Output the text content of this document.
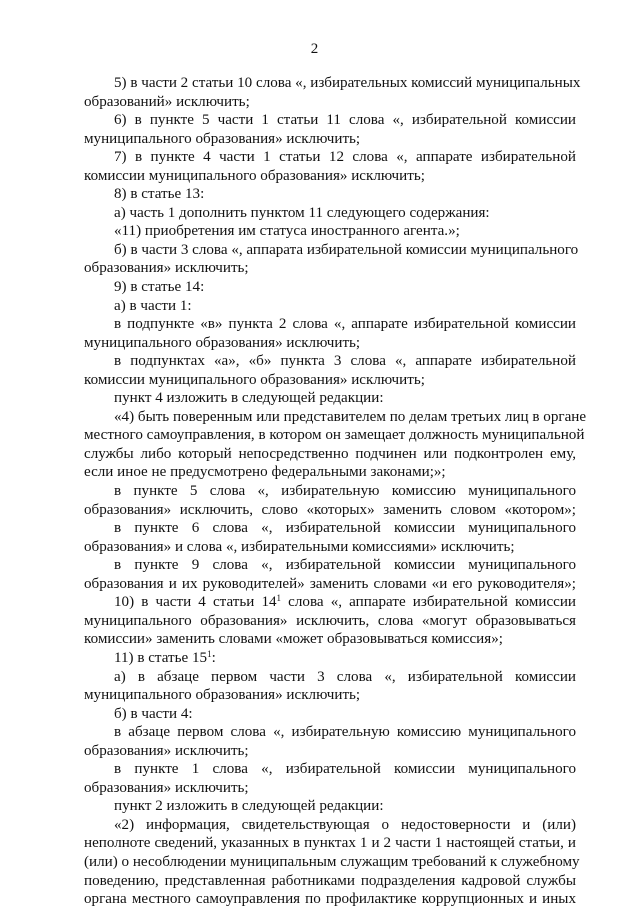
2
5) в части 2 статьи 10 слова «, избирательных комиссий муниципальных
образований» исключить;
6) в пункте 5 части 1 статьи 11 слова «, избирательной комиссии
муниципального образования» исключить;
7) в пункте 4 части 1 статьи 12 слова «, аппарате избирательной
комиссии муниципального образования» исключить;
8) в статье 13:
а) часть 1 дополнить пунктом 11 следующего содержания:
«11) приобретения им статуса иностранного агента.»;
б) в части 3 слова «, аппарата избирательной комиссии муниципального
образования» исключить;
9) в статье 14:
а) в части 1:
в подпункте «в» пункта 2 слова «, аппарате избирательной комиссии
муниципального образования» исключить;
в подпунктах «а», «б» пункта 3 слова «, аппарате избирательной
комиссии муниципального образования» исключить;
пункт 4 изложить в следующей редакции:
«4) быть поверенным или представителем по делам третьих лиц в органе
местного самоуправления, в котором он замещает должность муниципальной
службы либо который непосредственно подчинен или подконтролен ему,
если иное не предусмотрено федеральными законами;»;
в пункте 5 слова «, избирательную комиссию муниципального
образования» исключить, слово «которых» заменить словом «котором»;
в пункте 6 слова «, избирательной комиссии муниципального
образования» и слова «, избирательными комиссиями» исключить;
в пункте 9 слова «, избирательной комиссии муниципального
образования и их руководителей» заменить словами «и его руководителя»;
10) в части 4 статьи $14^1$ слова «, аппарате избирательной комиссии
муниципального образования» исключить, слова «могут образовываться
комиссии» заменить словами «может образовываться комиссия»;
11) в статье $15^1$:
а) в абзаце первом части 3 слова «, избирательной комиссии
муниципального образования» исключить;
б) в части 4:
в абзаце первом слова «, избирательную комиссию муниципального
образования» исключить;
в пункте 1 слова «, избирательной комиссии муниципального
образования» исключить;
пункт 2 изложить в следующей редакции:
«2) информация, свидетельствующая о недостоверности и (или)
неполноте сведений, указанных в пунктах 1 и 2 части 1 настоящей статьи, и
(или) о несоблюдении муниципальным служащим требований к служебному
поведению, представленная работниками подразделения кадровой службы
органа местного самоуправления по профилактике коррупционных и иных
